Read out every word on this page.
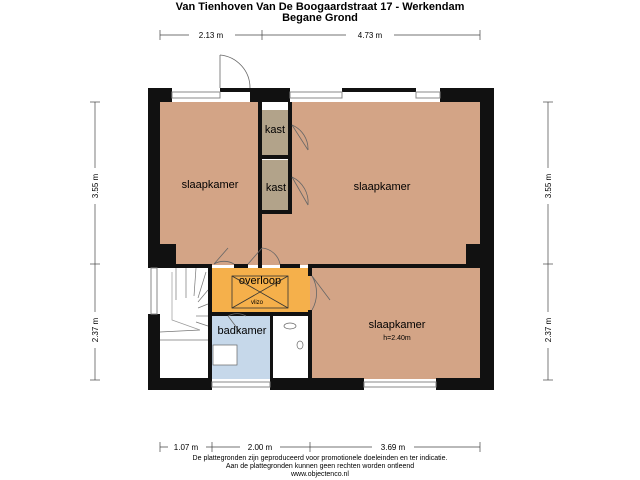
Van Tienhoven Van De Boogaardstraat 17 - Werkendam
Begane Grond
2.13 m	4.73 m
1.07 m	2.00 m	3.69 m
3.55 m
2.37 m
3.55 m
2.37 m
slaapkamer	slaapkamer
kast
kast
overloop
vlizo
badkamer	slaapkamer
h=2.40m
De plattegronden zijn geproduceerd voor promotionele doeleinden en ter indicatie.
Aan de plattegronden kunnen geen rechten worden ontleend
www.objectenco.nl
